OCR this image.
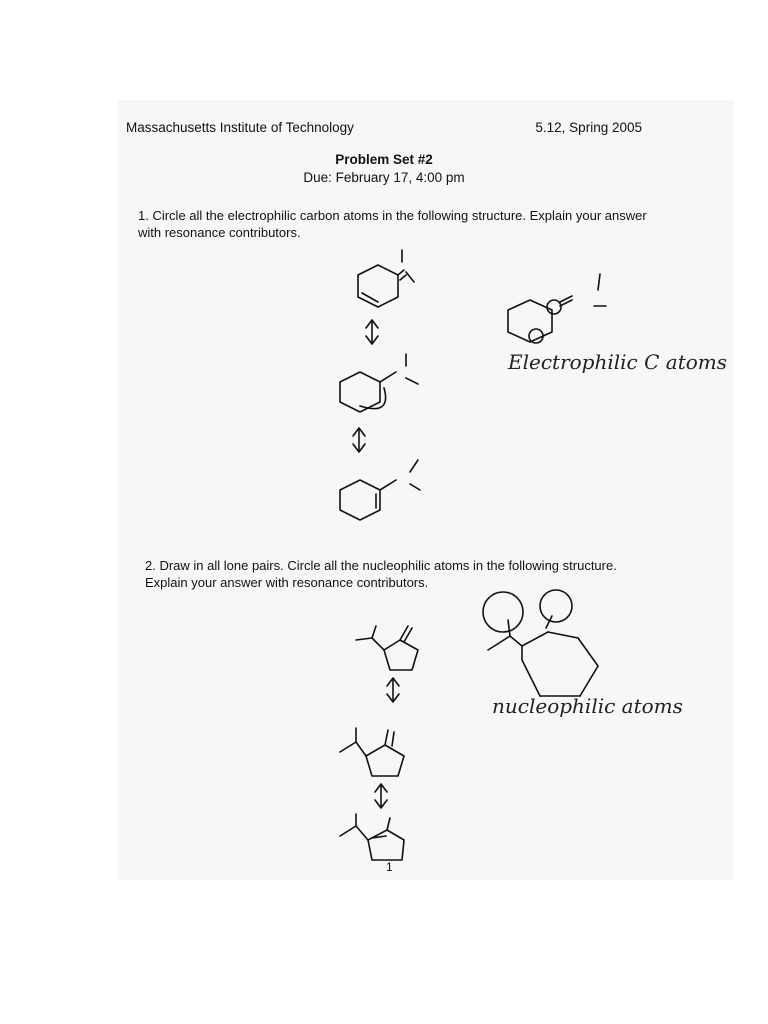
Massachusetts Institute of Technology	5.12, Spring 2005
Problem Set #2
Due: February 17, 4:00 pm
1. Circle all the electrophilic carbon atoms in the following structure. Explain your answer with resonance contributors.
2. Draw in all lone pairs. Circle all the nucleophilic atoms in the following structure. Explain your answer with resonance contributors.
Electrophilic C atoms
nucleophilic atoms
1
